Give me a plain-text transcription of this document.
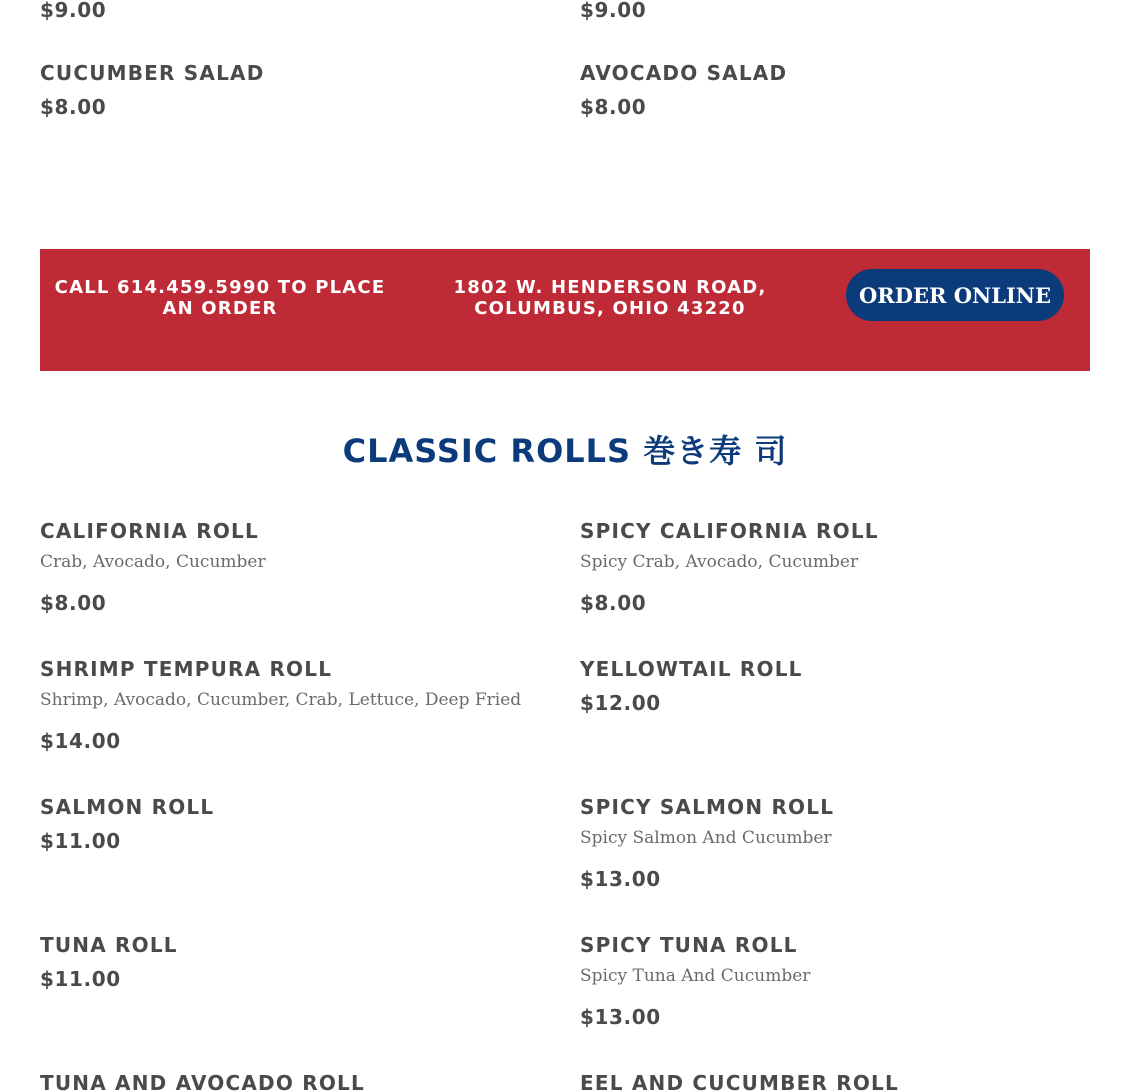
$9.00	$9.00
CUCUMBER SALAD
$8.00
AVOCADO SALAD
$8.00
CALL 614.459.5990 TO PLACE AN ORDER
1802 W. HENDERSON ROAD, COLUMBUS, OHIO 43220
ORDER ONLINE
CLASSIC ROLLS 巻き寿 司
CALIFORNIA ROLL
Crab, Avocado, Cucumber
$8.00
SPICY CALIFORNIA ROLL
Spicy Crab, Avocado, Cucumber
$8.00
SHRIMP TEMPURA ROLL
Shrimp, Avocado, Cucumber, Crab, Lettuce, Deep Fried
$14.00
YELLOWTAIL ROLL
$12.00
SALMON ROLL
$11.00
SPICY SALMON ROLL
Spicy Salmon And Cucumber
$13.00
TUNA ROLL
$11.00
SPICY TUNA ROLL
Spicy Tuna And Cucumber
$13.00
TUNA AND AVOCADO ROLL	EEL AND CUCUMBER ROLL
